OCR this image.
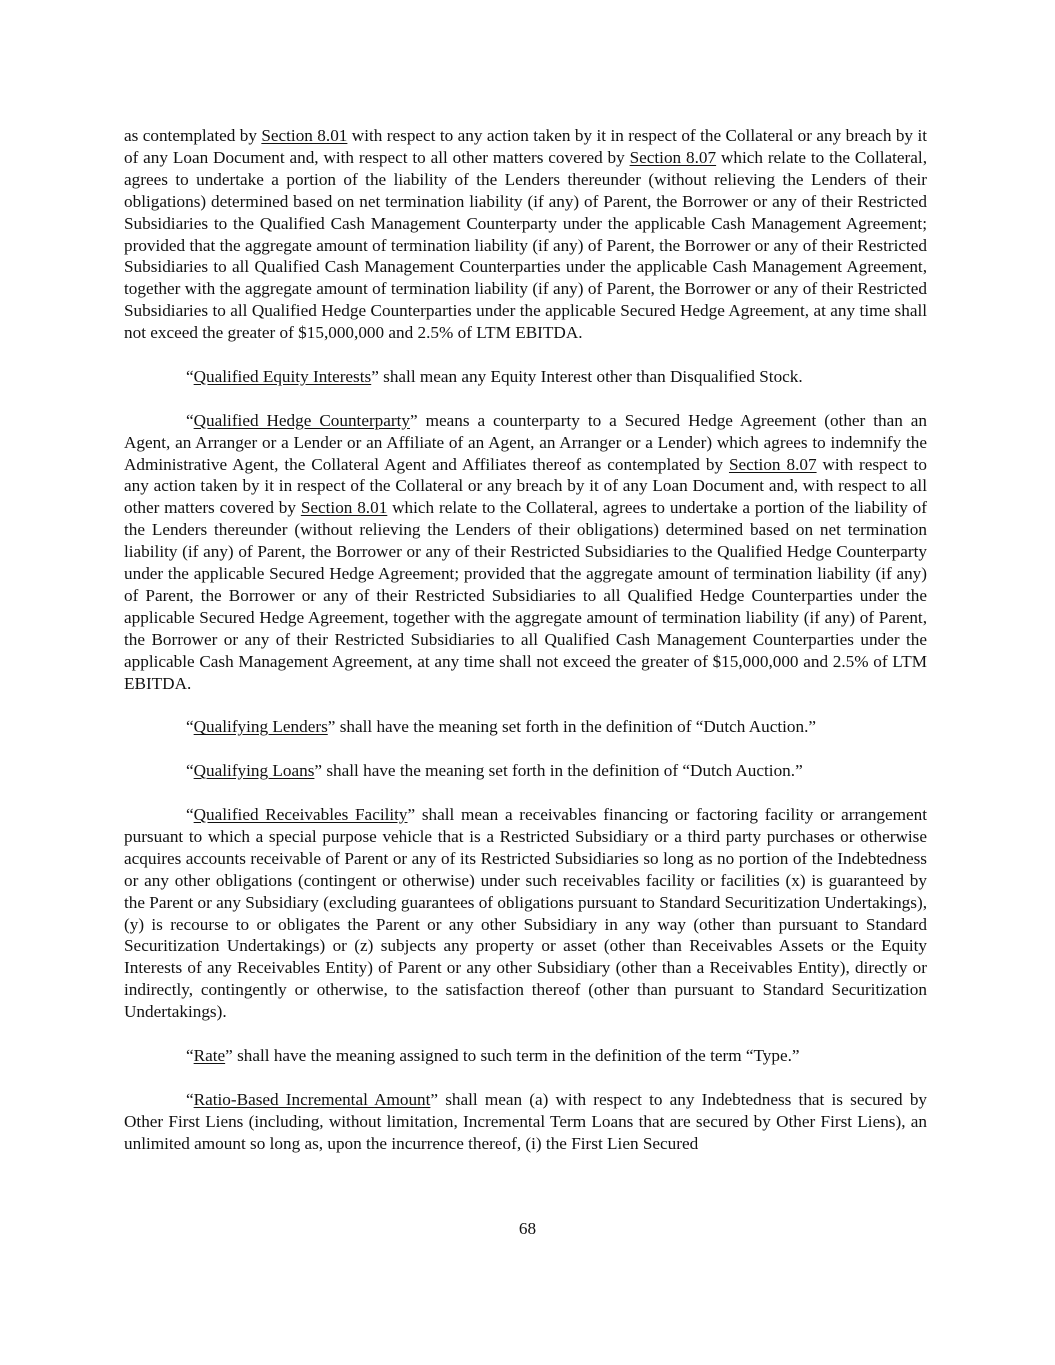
as contemplated by Section 8.01 with respect to any action taken by it in respect of the Collateral or any breach by it of any Loan Document and, with respect to all other matters covered by Section 8.07 which relate to the Collateral, agrees to undertake a portion of the liability of the Lenders thereunder (without relieving the Lenders of their obligations) determined based on net termination liability (if any) of Parent, the Borrower or any of their Restricted Subsidiaries to the Qualified Cash Management Counterparty under the applicable Cash Management Agreement; provided that the aggregate amount of termination liability (if any) of Parent, the Borrower or any of their Restricted Subsidiaries to all Qualified Cash Management Counterparties under the applicable Cash Management Agreement, together with the aggregate amount of termination liability (if any) of Parent, the Borrower or any of their Restricted Subsidiaries to all Qualified Hedge Counterparties under the applicable Secured Hedge Agreement, at any time shall not exceed the greater of $15,000,000 and 2.5% of LTM EBITDA.

“Qualified Equity Interests” shall mean any Equity Interest other than Disqualified Stock.

“Qualified Hedge Counterparty” means a counterparty to a Secured Hedge Agreement (other than an Agent, an Arranger or a Lender or an Affiliate of an Agent, an Arranger or a Lender) which agrees to indemnify the Administrative Agent, the Collateral Agent and Affiliates thereof as contemplated by Section 8.07 with respect to any action taken by it in respect of the Collateral or any breach by it of any Loan Document and, with respect to all other matters covered by Section 8.01 which relate to the Collateral, agrees to undertake a portion of the liability of the Lenders thereunder (without relieving the Lenders of their obligations) determined based on net termination liability (if any) of Parent, the Borrower or any of their Restricted Subsidiaries to the Qualified Hedge Counterparty under the applicable Secured Hedge Agreement; provided that the aggregate amount of termination liability (if any) of Parent, the Borrower or any of their Restricted Subsidiaries to all Qualified Hedge Counterparties under the applicable Secured Hedge Agreement, together with the aggregate amount of termination liability (if any) of Parent, the Borrower or any of their Restricted Subsidiaries to all Qualified Cash Management Counterparties under the applicable Cash Management Agreement, at any time shall not exceed the greater of $15,000,000 and 2.5% of LTM EBITDA.

“Qualifying Lenders” shall have the meaning set forth in the definition of “Dutch Auction.”

“Qualifying Loans” shall have the meaning set forth in the definition of “Dutch Auction.”

“Qualified Receivables Facility” shall mean a receivables financing or factoring facility or arrangement pursuant to which a special purpose vehicle that is a Restricted Subsidiary or a third party purchases or otherwise acquires accounts receivable of Parent or any of its Restricted Subsidiaries so long as no portion of the Indebtedness or any other obligations (contingent or otherwise) under such receivables facility or facilities (x) is guaranteed by the Parent or any Subsidiary (excluding guarantees of obligations pursuant to Standard Securitization Undertakings), (y) is recourse to or obligates the Parent or any other Subsidiary in any way (other than pursuant to Standard Securitization Undertakings) or (z) subjects any property or asset (other than Receivables Assets or the Equity Interests of any Receivables Entity) of Parent or any other Subsidiary (other than a Receivables Entity), directly or indirectly, contingently or otherwise, to the satisfaction thereof (other than pursuant to Standard Securitization Undertakings).

“Rate” shall have the meaning assigned to such term in the definition of the term “Type.”

“Ratio-Based Incremental Amount” shall mean (a) with respect to any Indebtedness that is secured by Other First Liens (including, without limitation, Incremental Term Loans that are secured by Other First Liens), an unlimited amount so long as, upon the incurrence thereof, (i) the First Lien Secured

68
